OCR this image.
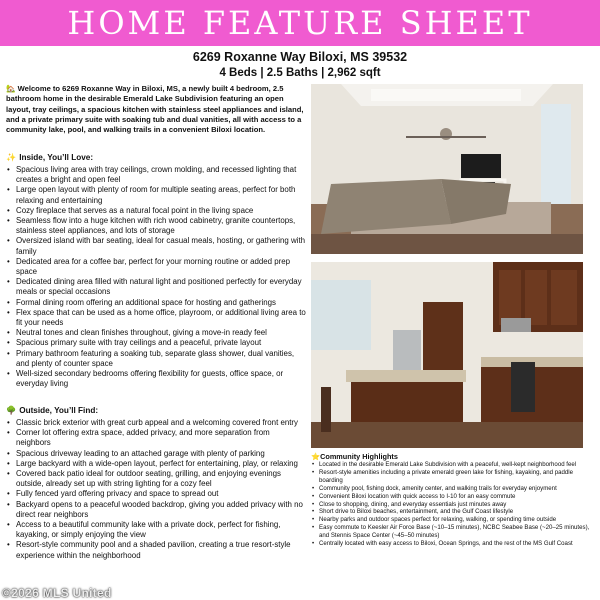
HOME FEATURE SHEET
6269 Roxanne Way Biloxi, MS 39532
4 Beds | 2.5 Baths | 2,962 sqft

🏡 Welcome to 6269 Roxanne Way in Biloxi, MS, a newly built 4 bedroom, 2.5 bathroom home in the desirable Emerald Lake Subdivision featuring an open layout, tray ceilings, a spacious kitchen with stainless steel appliances and island, and a private primary suite with soaking tub and dual vanities, all with access to a community lake, pool, and walking trails in a convenient Biloxi location.

✨ Inside, You’ll Love:
• Spacious living area with tray ceilings, crown molding, and recessed lighting that creates a bright and open feel
• Large open layout with plenty of room for multiple seating areas, perfect for both relaxing and entertaining
• Cozy fireplace that serves as a natural focal point in the living space
• Seamless flow into a huge kitchen with rich wood cabinetry, granite countertops, stainless steel appliances, and lots of storage
• Oversized island with bar seating, ideal for casual meals, hosting, or gathering with family
• Dedicated area for a coffee bar, perfect for your morning routine or added prep space
• Dedicated dining area filled with natural light and positioned perfectly for everyday meals or special occasions
• Formal dining room offering an additional space for hosting and gatherings
• Flex space that can be used as a home office, playroom, or additional living area to fit your needs
• Neutral tones and clean finishes throughout, giving a move-in ready feel
• Spacious primary suite with tray ceilings and a peaceful, private layout
• Primary bathroom featuring a soaking tub, separate glass shower, dual vanities, and plenty of counter space
• Well-sized secondary bedrooms offering flexibility for guests, office space, or everyday living
🌳 Outside, You’ll Find:
• Classic brick exterior with great curb appeal and a welcoming covered front entry
• Corner lot offering extra space, added privacy, and more separation from neighbors
• Spacious driveway leading to an attached garage with plenty of parking
• Large backyard with a wide-open layout, perfect for entertaining, play, or relaxing
• Covered back patio ideal for outdoor seating, grilling, and enjoying evenings outside, already set up with string lighting for a cozy feel
• Fully fenced yard offering privacy and space to spread out
• Backyard opens to a peaceful wooded backdrop, giving you added privacy with no direct rear neighbors
• Access to a beautiful community lake with a private dock, perfect for fishing, kayaking, or simply enjoying the view
• Resort-style community pool and a shaded pavilion, creating a true resort-style experience within the neighborhood
⭐Community Highlights
• Located in the desirable Emerald Lake Subdivision with a peaceful, well-kept neighborhood feel
• Resort-style amenities including a private emerald green lake for fishing, kayaking, and paddle boarding
• Community pool, fishing dock, amenity center, and walking trails for everyday enjoyment
• Convenient Biloxi location with quick access to I-10 for an easy commute
• Close to shopping, dining, and everyday essentials just minutes away
• Short drive to Biloxi beaches, entertainment, and the Gulf Coast lifestyle
• Nearby parks and outdoor spaces perfect for relaxing, walking, or spending time outside
• Easy commute to Keesler Air Force Base (~10–15 minutes), NCBC Seabee Base (~20–25 minutes), and Stennis Space Center (~45–50 minutes)
• Centrally located with easy access to Biloxi, Ocean Springs, and the rest of the MS Gulf Coast
©2026 MLS United
